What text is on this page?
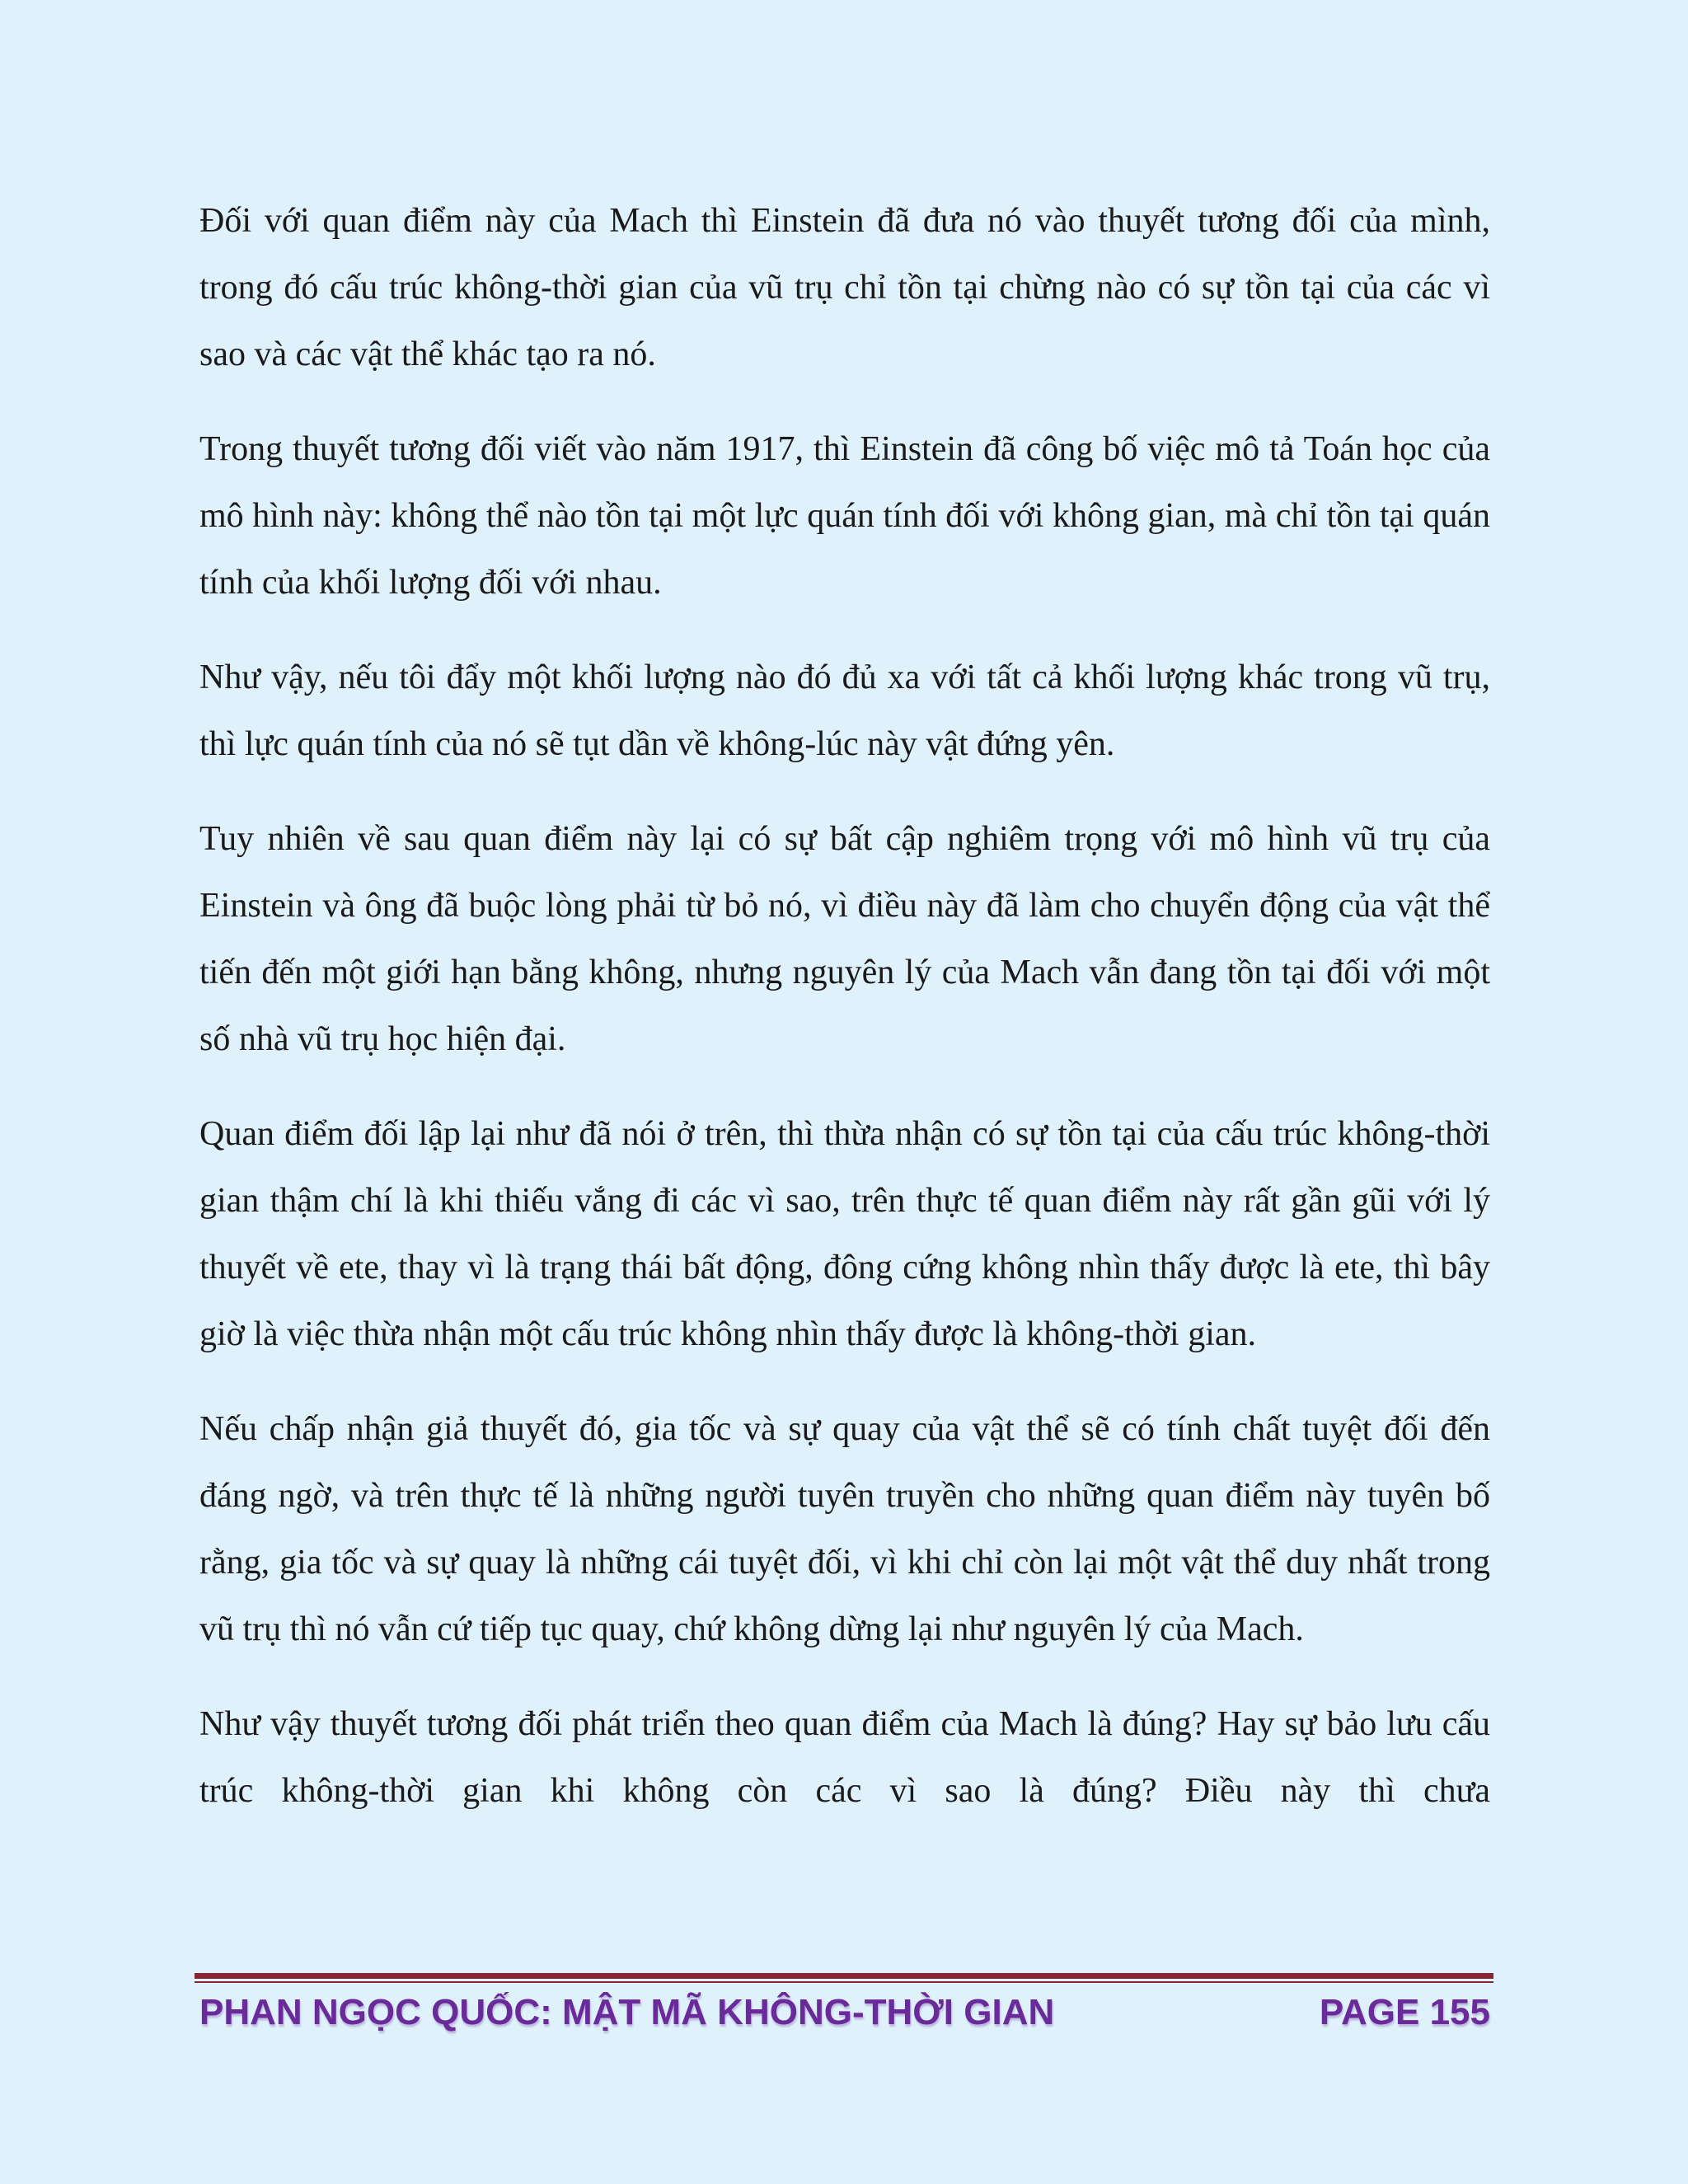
Đối với quan điểm này của Mach thì Einstein đã đưa nó vào thuyết tương đối của mình, trong đó cấu trúc không-thời gian của vũ trụ chỉ tồn tại chừng nào có sự tồn tại của các vì sao và các vật thể khác tạo ra nó.

Trong thuyết tương đối viết vào năm 1917, thì Einstein đã công bố việc mô tả Toán học của mô hình này: không thể nào tồn tại một lực quán tính đối với không gian, mà chỉ tồn tại quán tính của khối lượng đối với nhau.

Như vậy, nếu tôi đẩy một khối lượng nào đó đủ xa với tất cả khối lượng khác trong vũ trụ, thì lực quán tính của nó sẽ tụt dần về không-lúc này vật đứng yên.

Tuy nhiên về sau quan điểm này lại có sự bất cập nghiêm trọng với mô hình vũ trụ của Einstein và ông đã buộc lòng phải từ bỏ nó, vì điều này đã làm cho chuyển động của vật thể tiến đến một giới hạn bằng không, nhưng nguyên lý của Mach vẫn đang tồn tại đối với một số nhà vũ trụ học hiện đại.

Quan điểm đối lập lại như đã nói ở trên, thì thừa nhận có sự tồn tại của cấu trúc không-thời gian thậm chí là khi thiếu vắng đi các vì sao, trên thực tế quan điểm này rất gần gũi với lý thuyết về ete, thay vì là trạng thái bất động, đông cứng không nhìn thấy được là ete, thì bây giờ là việc thừa nhận một cấu trúc không nhìn thấy được là không-thời gian.

Nếu chấp nhận giả thuyết đó, gia tốc và sự quay của vật thể sẽ có tính chất tuyệt đối đến đáng ngờ, và trên thực tế là những người tuyên truyền cho những quan điểm này tuyên bố rằng, gia tốc và sự quay là những cái tuyệt đối, vì khi chỉ còn lại một vật thể duy nhất trong vũ trụ thì nó vẫn cứ tiếp tục quay, chứ không dừng lại như nguyên lý của Mach.

Như vậy thuyết tương đối phát triển theo quan điểm của Mach là đúng? Hay sự bảo lưu cấu trúc không-thời gian khi không còn các vì sao là đúng? Điều này thì chưa

PHAN NGỌC QUỐC: MẬT MÃ KHÔNG-THỜI GIAN	PAGE 155
